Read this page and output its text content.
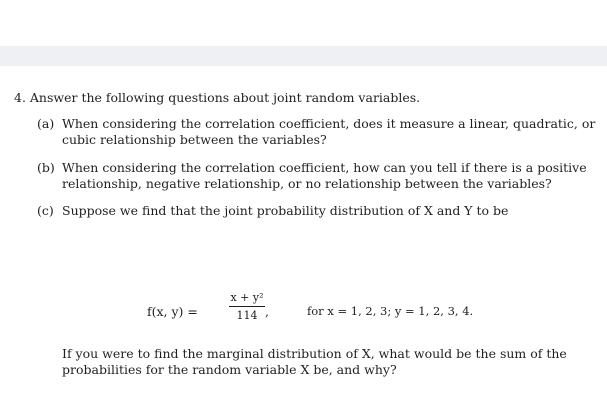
4. Answer the following questions about joint random variables.
(a) When considering the correlation coefficient, does it measure a linear, quadratic, or cubic relationship between the variables?
(b) When considering the correlation coefficient, how can you tell if there is a positive relationship, negative relationship, or no relationship between the variables?
(c) Suppose we find that the joint probability distribution of X and Y to be
f(x, y) =
x + y²
114 ,	for x = 1, 2, 3; y = 1, 2, 3, 4.
If you were to find the marginal distribution of X, what would be the sum of the probabilities for the random variable X be, and why?
